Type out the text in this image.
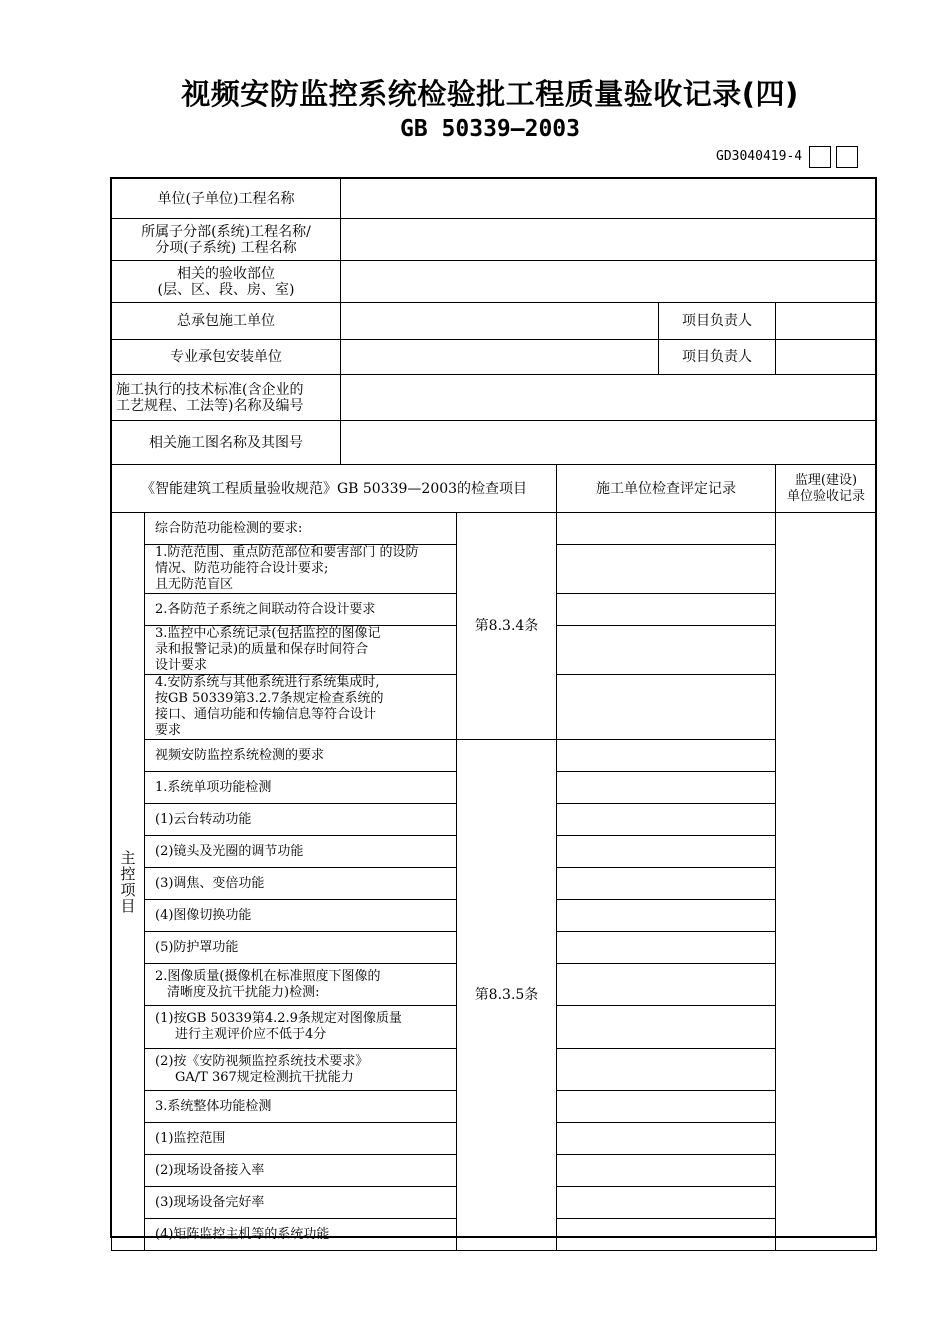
视频安防监控系统检验批工程质量验收记录(四)
GB 50339—2003
GD3040419-4
单位(子单位)工程名称						

所属子分部(系统)工程名称/
分项(子系统) 工程名称						

相关的验收部位
(层、区、段、房、室)						

总承包施工单位					项目负责人	
专业承包安装单位					项目负责人	

施工执行的技术标准(含企业的
工艺规程、工法等)名称及编号						

相关施工图名称及其图号						
《智能建筑工程质量验收规范》GB 50339—2003的检查项目				施工单位检查评定记录		监理(建设)
单位验收记录

主
控
项
目	综合防范功能检测的要求:		第8.3.4条			

	1.防范范围、重点防范部位和要害部门 的设防
情况、防范功能符合设计要求;
且无防范盲区					

	2.各防范子系统之间联动符合设计要求					

	3.监控中心系统记录(包括监控的图像记
录和报警记录)的质量和保存时间符合
设计要求					

	4.安防系统与其他系统进行系统集成时,
按GB 50339第3.2.7条规定检查系统的
接口、通信功能和传输信息等符合设计
要求					

	视频安防监控系统检测的要求		第8.3.5条			
	1.系统单项功能检测					
	(1)云台转动功能					
	(2)镜头及光圈的调节功能					
	(3)调焦、变倍功能					
	(4)图像切换功能					
	(5)防护罩功能					

	2.图像质量(摄像机在标准照度下图像的
清晰度及抗干扰能力)检测:					

	(1)按GB 50339第4.2.9条规定对图像质量
进行主观评价应不低于4分					

	(2)按《安防视频监控系统技术要求》
GA/T 367规定检测抗干扰能力					

	3.系统整体功能检测					
	(1)监控范围					
	(2)现场设备接入率					
	(3)现场设备完好率					
	(4)矩阵监控主机等的系统功能					
